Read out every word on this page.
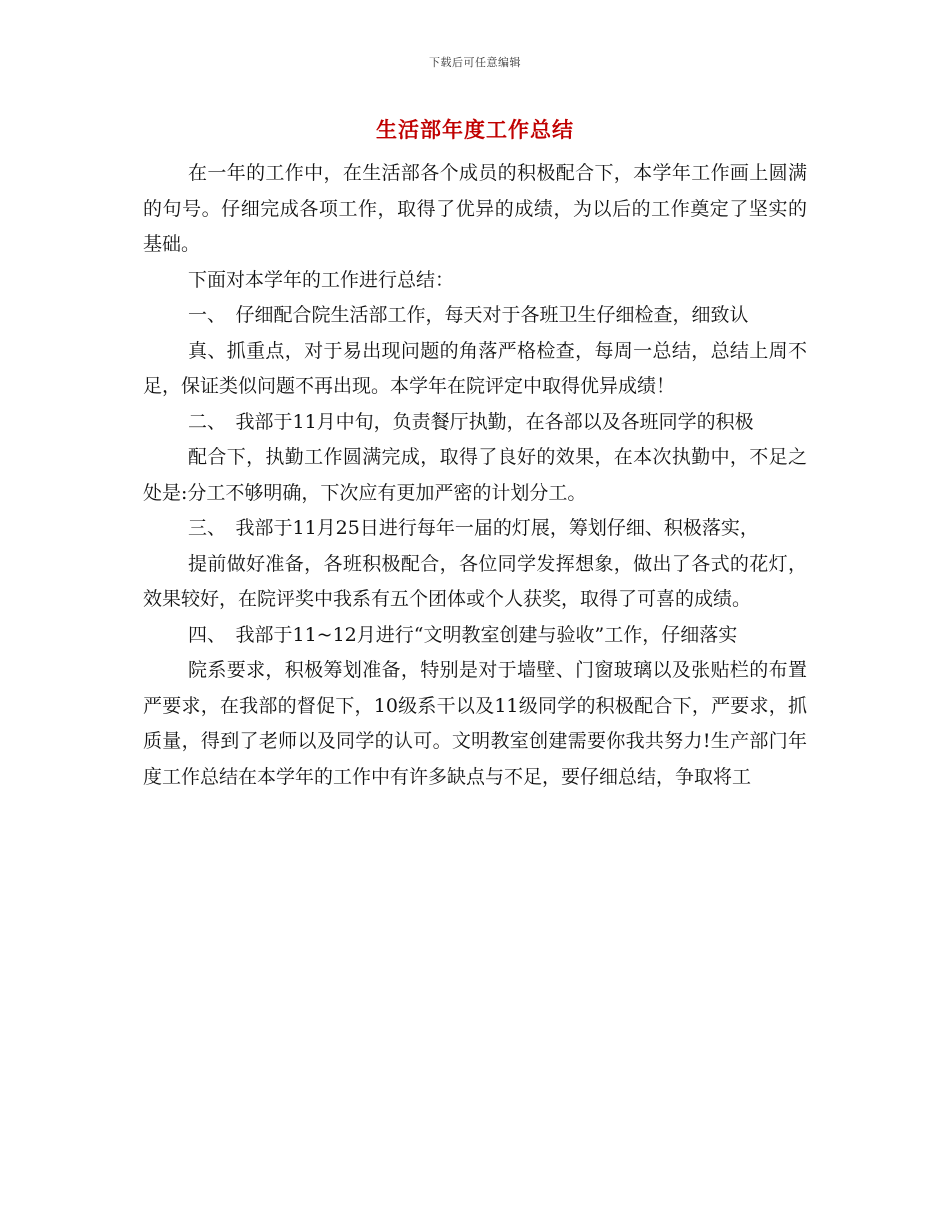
下载后可任意编辑
生活部年度工作总结

在一年的工作中，在生活部各个成员的积极配合下，本学年工作画上圆满的句号。仔细完成各项工作，取得了优异的成绩，为以后的工作奠定了坚实的基础。

下面对本学年的工作进行总结：

一、　仔细配合院生活部工作，每天对于各班卫生仔细检查，细致认

真、抓重点，对于易出现问题的角落严格检查，每周一总结，总结上周不足，保证类似问题不再出现。本学年在院评定中取得优异成绩！

二、　我部于11月中旬，负责餐厅执勤，在各部以及各班同学的积极

配合下，执勤工作圆满完成，取得了良好的效果，在本次执勤中，不足之处是:分工不够明确，下次应有更加严密的计划分工。

三、　我部于11月25日进行每年一届的灯展，筹划仔细、积极落实，

提前做好准备，各班积极配合，各位同学发挥想象，做出了各式的花灯，效果较好，在院评奖中我系有五个团体或个人获奖，取得了可喜的成绩。

四、　我部于11~12月进行“文明教室创建与验收”工作，仔细落实

院系要求，积极筹划准备，特别是对于墙壁、门窗玻璃以及张贴栏的布置严要求，在我部的督促下，10级系干以及11级同学的积极配合下，严要求，抓质量，得到了老师以及同学的认可。文明教室创建需要你我共努力!生产部门年度工作总结在本学年的工作中有许多缺点与不足，要仔细总结，争取将工
